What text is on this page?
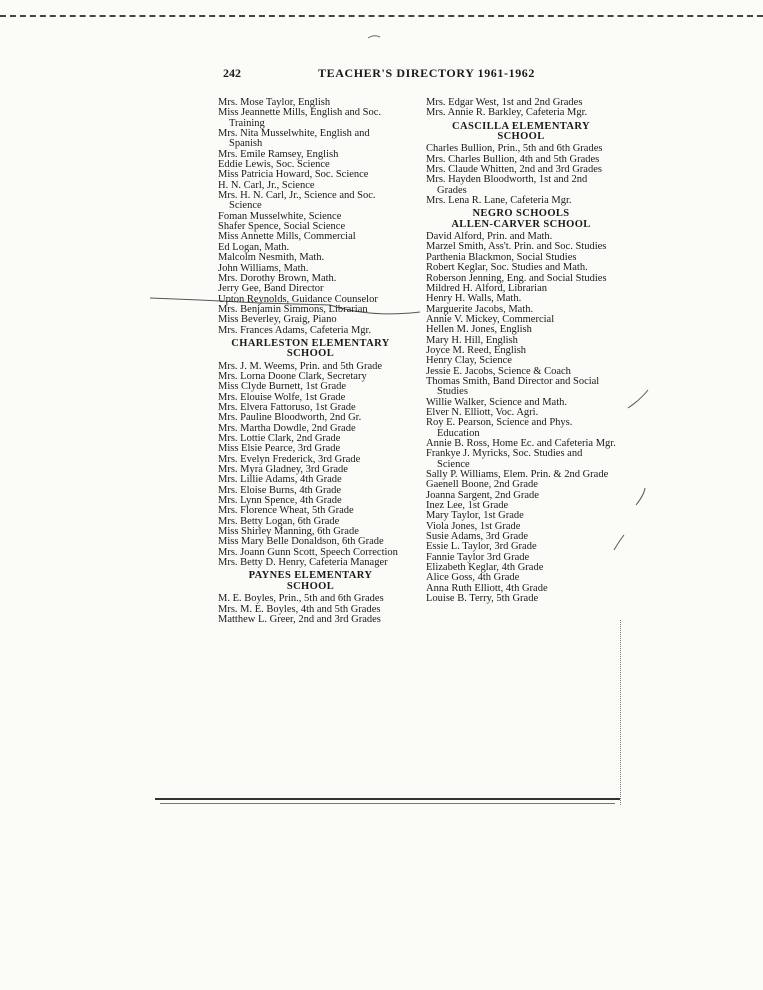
242	TEACHER'S DIRECTORY 1961-1962
Mrs. Mose Taylor, English
Miss Jeannette Mills, English and Soc. Training
Mrs. Nita Musselwhite, English and Spanish
Mrs. Emile Ramsey, English
Eddie Lewis, Soc. Science
Miss Patricia Howard, Soc. Science
H. N. Carl, Jr., Science
Mrs. H. N. Carl, Jr., Science and Soc. Science
Foman Musselwhite, Science
Shafer Spence, Social Science
Miss Annette Mills, Commercial
Ed Logan, Math.
Malcolm Nesmith, Math.
John Williams, Math.
Mrs. Dorothy Brown, Math.
Jerry Gee, Band Director
Upton Reynolds, Guidance Counselor
Mrs. Benjamin Simmons, Librarian
Miss Beverley, Graig, Piano
Mrs. Frances Adams, Cafeteria Mgr.
CHARLESTON ELEMENTARY
SCHOOL
Mrs. J. M. Weems, Prin. and 5th Grade
Mrs. Lorna Doone Clark, Secretary
Miss Clyde Burnett, 1st Grade
Mrs. Elouise Wolfe, 1st Grade
Mrs. Elvera Fattoruso, 1st Grade
Mrs. Pauline Bloodworth, 2nd Gr.
Mrs. Martha Dowdle, 2nd Grade
Mrs. Lottie Clark, 2nd Grade
Miss Elsie Pearce, 3rd Grade
Mrs. Evelyn Frederick, 3rd Grade
Mrs. Myra Gladney, 3rd Grade
Mrs. Lillie Adams, 4th Grade
Mrs. Eloise Burns, 4th Grade
Mrs. Lynn Spence, 4th Grade
Mrs. Florence Wheat, 5th Grade
Mrs. Betty Logan, 6th Grade
Miss Shirley Manning, 6th Grade
Miss Mary Belle Donaldson, 6th Grade
Mrs. Joann Gunn Scott, Speech Correction
Mrs. Betty D. Henry, Cafeteria Manager
PAYNES ELEMENTARY
SCHOOL
M. E. Boyles, Prin., 5th and 6th Grades
Mrs. M. E. Boyles, 4th and 5th Grades
Matthew L. Greer, 2nd and 3rd Grades
Mrs. Edgar West, 1st and 2nd Grades
Mrs. Annie R. Barkley, Cafeteria Mgr.
CASCILLA ELEMENTARY
SCHOOL
Charles Bullion, Prin., 5th and 6th Grades
Mrs. Charles Bullion, 4th and 5th Grades
Mrs. Claude Whitten, 2nd and 3rd Grades
Mrs. Hayden Bloodworth, 1st and 2nd Grades
Mrs. Lena R. Lane, Cafeteria Mgr.
NEGRO SCHOOLS
ALLEN-CARVER SCHOOL
David Alford, Prin. and Math.
Marzel Smith, Ass't. Prin. and Soc. Studies
Parthenia Blackmon, Social Studies
Robert Keglar, Soc. Studies and Math.
Roberson Jenning, Eng. and Social Studies
Mildred H. Alford, Librarian
Henry H. Walls, Math.
Marguerite Jacobs, Math.
Annie V. Mickey, Commercial
Hellen M. Jones, English
Mary H. Hill, English
Joyce M. Reed, English
Henry Clay, Science
Jessie E. Jacobs, Science & Coach
Thomas Smith, Band Director and Social Studies
Willie Walker, Science and Math.
Elver N. Elliott, Voc. Agri.
Roy E. Pearson, Science and Phys. Education
Annie B. Ross, Home Ec. and Cafeteria Mgr.
Frankye J. Myricks, Soc. Studies and Science
Sally P. Williams, Elem. Prin. & 2nd Grade
Gaenell Boone, 2nd Grade
Joanna Sargent, 2nd Grade
Inez Lee, 1st Grade
Mary Taylor, 1st Grade
Viola Jones, 1st Grade
Susie Adams, 3rd Grade
Essie L. Taylor, 3rd Grade
Fannie Taylor 3rd Grade
Elizabeth Keglar, 4th Grade
Alice Goss, 4th Grade
Anna Ruth Elliott, 4th Grade
Louise B. Terry, 5th Grade
